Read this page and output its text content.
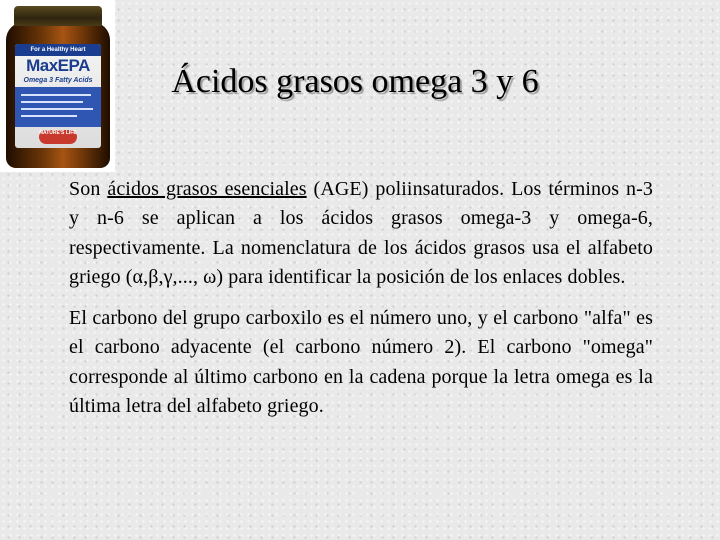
For a Healthy Heart
MaxEPA
Omega 3 Fatty Acids
NATURE'S LIFE
Ácidos grasos omega 3 y 6

Son ácidos grasos esenciales (AGE) poliinsaturados. Los términos n-3 y n-6 se aplican a los ácidos grasos omega-3 y omega-6, respectivamente. La nomenclatura de los ácidos grasos usa el alfabeto griego (α,β,γ,..., ω) para identificar la posición de los enlaces dobles.

El carbono del grupo carboxilo es el número uno, y el carbono "alfa" es el carbono adyacente (el carbono número 2). El carbono "omega" corresponde al último carbono en la cadena porque la letra omega es la última letra del alfabeto griego.
